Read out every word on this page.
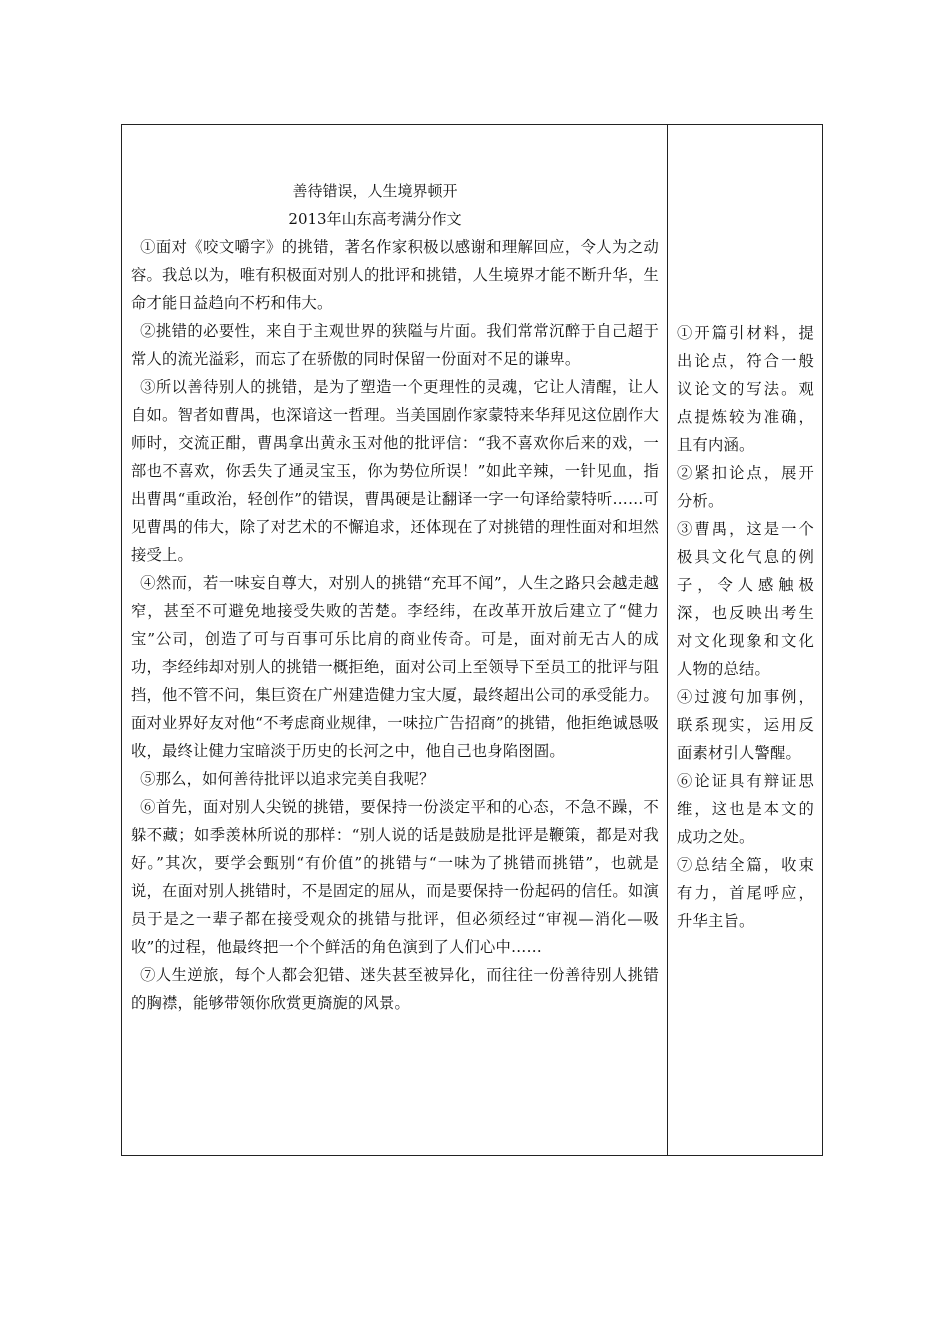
善待错误，人生境界顿开

2013年山东高考满分作文

①面对《咬文嚼字》的挑错，著名作家积极以感谢和理解回应，令人为之动容。我总以为，唯有积极面对别人的批评和挑错，人生境界才能不断升华，生命才能日益趋向不朽和伟大。

②挑错的必要性，来自于主观世界的狭隘与片面。我们常常沉醉于自己超于常人的流光溢彩，而忘了在骄傲的同时保留一份面对不足的谦卑。

③所以善待别人的挑错，是为了塑造一个更理性的灵魂，它让人清醒，让人自如。智者如曹禺，也深谙这一哲理。当美国剧作家蒙特来华拜见这位剧作大师时，交流正酣，曹禺拿出黄永玉对他的批评信：“我不喜欢你后来的戏，一部也不喜欢，你丢失了通灵宝玉，你为势位所误！”如此辛辣，一针见血，指出曹禺“重政治，轻创作”的错误，曹禺硬是让翻译一字一句译给蒙特听……可见曹禺的伟大，除了对艺术的不懈追求，还体现在了对挑错的理性面对和坦然接受上。

④然而，若一味妄自尊大，对别人的挑错“充耳不闻”，人生之路只会越走越窄，甚至不可避免地接受失败的苦楚。李经纬，在改革开放后建立了“健力宝”公司，创造了可与百事可乐比肩的商业传奇。可是，面对前无古人的成功，李经纬却对别人的挑错一概拒绝，面对公司上至领导下至员工的批评与阻挡，他不管不问，集巨资在广州建造健力宝大厦，最终超出公司的承受能力。面对业界好友对他“不考虑商业规律，一味拉广告招商”的挑错，他拒绝诚恳吸收，最终让健力宝暗淡于历史的长河之中，他自己也身陷囹圄。

⑤那么，如何善待批评以追求完美自我呢？

⑥首先，面对别人尖锐的挑错，要保持一份淡定平和的心态，不急不躁，不躲不藏；如季羡林所说的那样：“别人说的话是鼓励是批评是鞭策，都是对我好。”其次，要学会甄别“有价值”的挑错与“一味为了挑错而挑错”，也就是说，在面对别人挑错时，不是固定的屈从，而是要保持一份起码的信任。如演员于是之一辈子都在接受观众的挑错与批评，但必须经过“审视—消化—吸收”的过程，他最终把一个个鲜活的角色演到了人们心中……

⑦人生逆旅，每个人都会犯错、迷失甚至被异化，而往往一份善待别人挑错的胸襟，能够带领你欣赏更旖旎的风景。

①开篇引材料，提出论点，符合一般议论文的写法。观点提炼较为准确，且有内涵。

②紧扣论点，展开分析。

③曹禺，这是一个极具文化气息的例子，令人感触极深，也反映出考生对文化现象和文化人物的总结。

④过渡句加事例，联系现实，运用反面素材引人警醒。

⑥论证具有辩证思维，这也是本文的成功之处。

⑦总结全篇，收束有力，首尾呼应，升华主旨。
